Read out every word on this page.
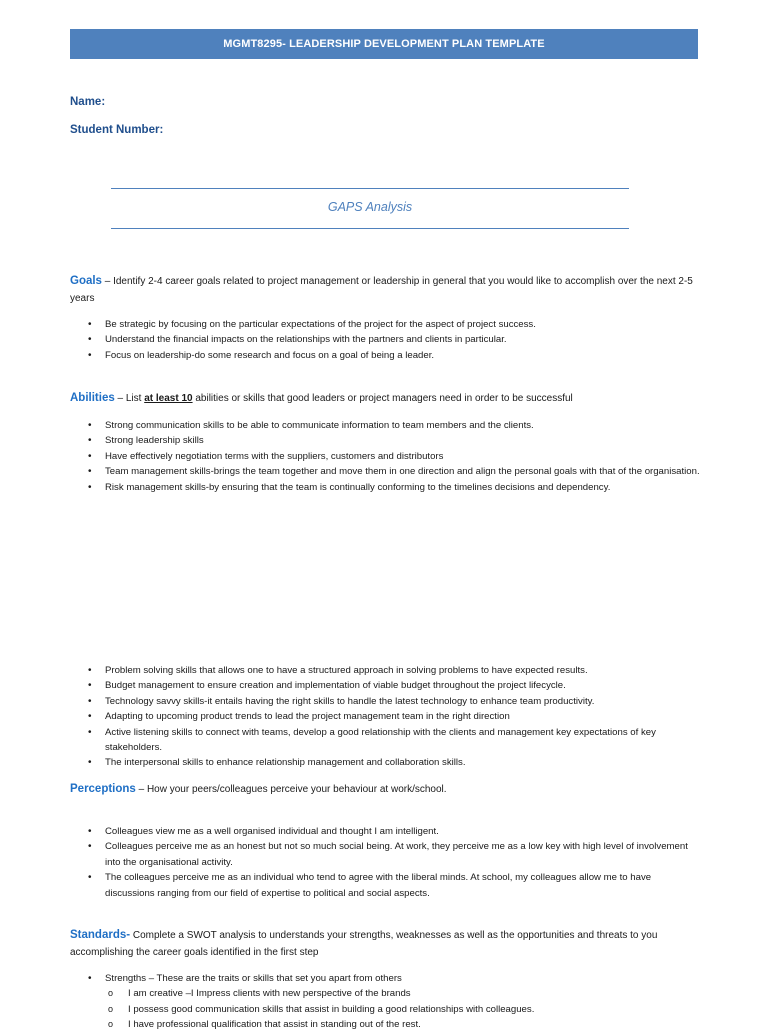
MGMT8295- LEADERSHIP DEVELOPMENT PLAN TEMPLATE
Name:
Student Number:
GAPS Analysis
Goals – Identify 2-4 career goals related to project management or leadership in general that you would like to accomplish over the next 2-5 years
• Be strategic by focusing on the particular expectations of the project for the aspect of project success.
• Understand the financial impacts on the relationships with the partners and clients in particular.
• Focus on leadership-do some research and focus on a goal of being a leader.
Abilities – List at least 10 abilities or skills that good leaders or project managers need in order to be successful
• Strong communication skills to be able to communicate information to team members and the clients.
• Strong leadership skills
• Have effectively negotiation terms with the suppliers, customers and distributors
• Team management skills-brings the team together and move them in one direction and align the personal goals with that of the organisation.
• Risk management skills-by ensuring that the team is continually conforming to the timelines decisions and dependency.
• Problem solving skills that allows one to have a structured approach in solving problems to have expected results.
• Budget management to ensure creation and implementation of viable budget throughout the project lifecycle.
• Technology savvy skills-it entails having the right skills to handle the latest technology to enhance team productivity.
• Adapting to upcoming product trends to lead the project management team in the right direction
• Active listening skills to connect with teams, develop a good relationship with the clients and management key expectations of key stakeholders.
• The interpersonal skills to enhance relationship management and collaboration skills.
Perceptions – How your peers/colleagues perceive your behaviour at work/school.
• Colleagues view me as a well organised individual and thought I am intelligent.
• Colleagues perceive me as an honest but not so much social being. At work, they perceive me as a low key with high level of involvement into the organisational activity.
• The colleagues perceive me as an individual who tend to agree with the liberal minds. At school, my colleagues allow me to have discussions ranging from our field of expertise to political and social aspects.
Standards- Complete a SWOT analysis to understands your strengths, weaknesses as well as the opportunities and threats to you accomplishing the career goals identified in the first step
• Strengths – These are the traits or skills that set you apart from others
o I am creative –I Impress clients with new perspective of the brands
o I possess good communication skills that assist in building a good relationships with colleagues.
o I have professional qualification that assist in standing out of the rest.
